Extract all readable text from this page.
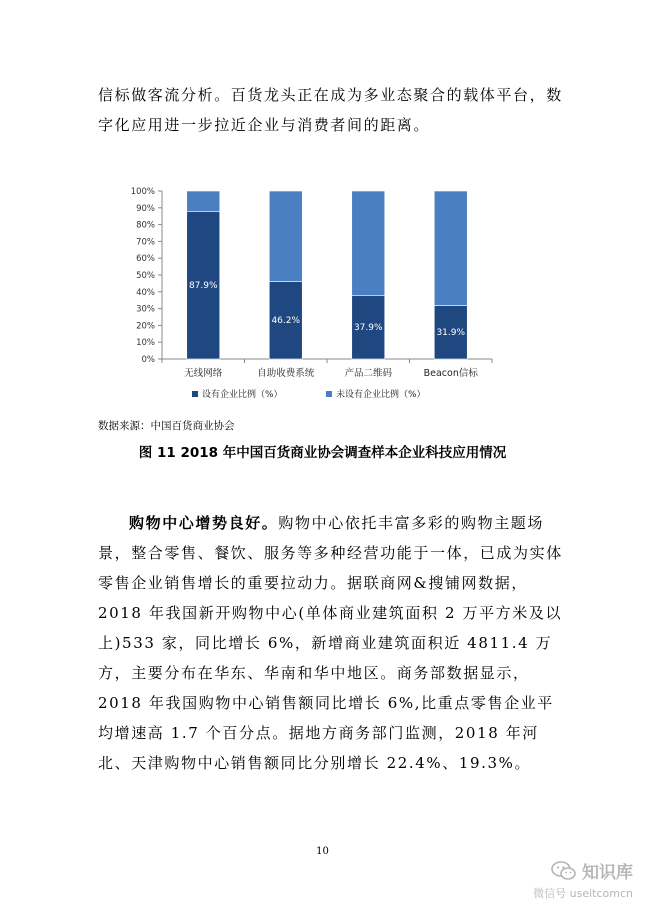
信标做客流分析。百货龙头正在成为多业态聚合的载体平台，数字化应用进一步拉近企业与消费者间的距离。

0%
10%
20%
30%
40%
50%
60%
70%
80%
90%
100%
无线网络	自助收费系统	产品二维码	Beacon信标
87.9%
46.2%
37.9%
31.9%
设有企业比例（%）	未设有企业比例（%）
数据来源：中国百货商业协会
图 11 2018 年中国百货商业协会调查样本企业科技应用情况

购物中心增势良好。购物中心依托丰富多彩的购物主题场景，整合零售、餐饮、服务等多种经营功能于一体，已成为实体零售企业销售增长的重要拉动力。据联商网&搜铺网数据，2018 年我国新开购物中心(单体商业建筑面积 2 万平方米及以上)533 家，同比增长 6%，新增商业建筑面积近 4811.4 万方，主要分布在华东、华南和华中地区。商务部数据显示，2018 年我国购物中心销售额同比增长 6%,比重点零售企业平均增速高 1.7 个百分点。据地方商务部门监测，2018 年河北、天津购物中心销售额同比分别增长 22.4%、19.3%。

10
知识库
微信号 useitcomcn
